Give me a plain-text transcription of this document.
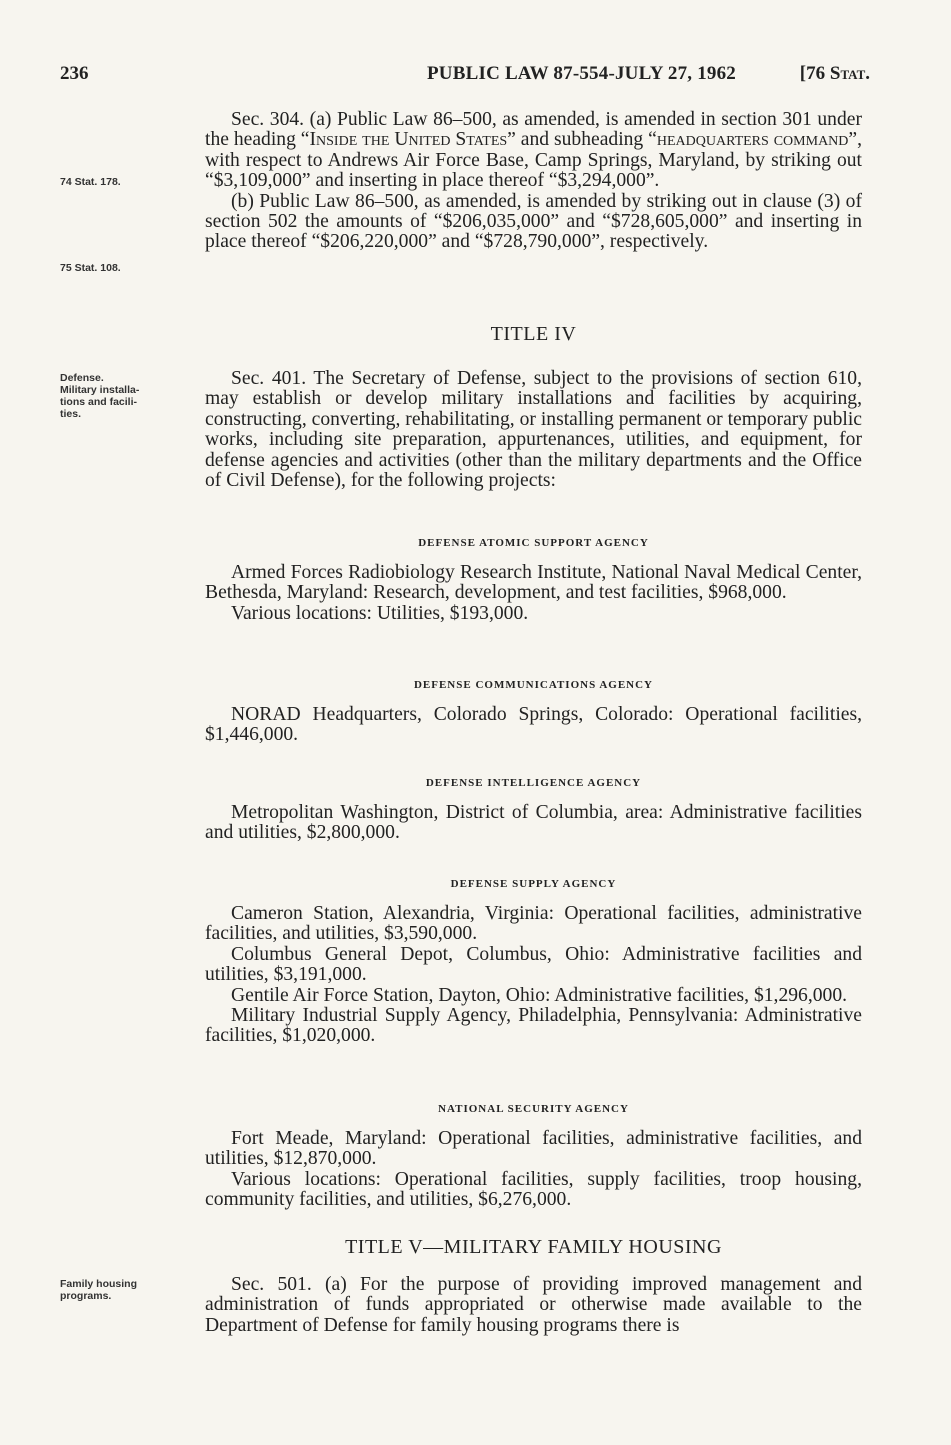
236	PUBLIC LAW 87-554-JULY 27, 1962	[76 Stat.
74 Stat. 178.
75 Stat. 108.
Defense.
Military installa-
tions and facili-
ties.
Family housing
programs.

Sec. 304. (a) Public Law 86–500, as amended, is amended in section 301 under the heading “Inside the United States” and subheading “headquarters command”, with respect to Andrews Air Force Base, Camp Springs, Maryland, by striking out “$3,109,000” and inserting in place thereof “$3,294,000”.

(b) Public Law 86–500, as amended, is amended by striking out in clause (3) of section 502 the amounts of “$206,035,000” and “$728,605,000” and inserting in place thereof “$206,220,000” and “$728,790,000”, respectively.

TITLE IV

Sec. 401. The Secretary of Defense, subject to the provisions of section 610, may establish or develop military installations and facilities by acquiring, constructing, converting, rehabilitating, or installing permanent or temporary public works, including site preparation, appurtenances, utilities, and equipment, for defense agencies and activities (other than the military departments and the Office of Civil Defense), for the following projects:

DEFENSE ATOMIC SUPPORT AGENCY

Armed Forces Radiobiology Research Institute, National Naval Medical Center, Bethesda, Maryland: Research, development, and test facilities, $968,000.

Various locations: Utilities, $193,000.

DEFENSE COMMUNICATIONS AGENCY

NORAD Headquarters, Colorado Springs, Colorado: Operational facilities, $1,446,000.

DEFENSE INTELLIGENCE AGENCY

Metropolitan Washington, District of Columbia, area: Administrative facilities and utilities, $2,800,000.

DEFENSE SUPPLY AGENCY

Cameron Station, Alexandria, Virginia: Operational facilities, administrative facilities, and utilities, $3,590,000.

Columbus General Depot, Columbus, Ohio: Administrative facilities and utilities, $3,191,000.

Gentile Air Force Station, Dayton, Ohio: Administrative facilities, $1,296,000.

Military Industrial Supply Agency, Philadelphia, Pennsylvania: Administrative facilities, $1,020,000.

NATIONAL SECURITY AGENCY

Fort Meade, Maryland: Operational facilities, administrative facilities, and utilities, $12,870,000.

Various locations: Operational facilities, supply facilities, troop housing, community facilities, and utilities, $6,276,000.

TITLE V—MILITARY FAMILY HOUSING

Sec. 501. (a) For the purpose of providing improved management and administration of funds appropriated or otherwise made available to the Department of Defense for family housing programs there is
